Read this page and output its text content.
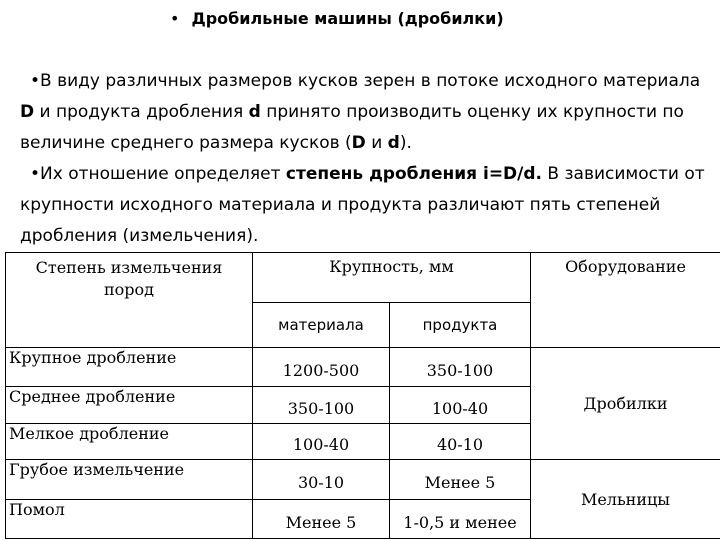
• Дробильные машины (дробилки)
•В виду различных размеров кусков зерен в потоке исходного материала D и продукта дробления d принято производить оценку их крупности по величине среднего размера кусков (D и d).
•Их отношение определяет степень дробления i=D/d. В зависимости от крупности исходного материала и продукта различают пять степеней дробления (измельчения).
Степень измельчения пород	Крупность, мм		Оборудование
	материала	продукта	
Крупное дробление	1200-500	350-100	Дробилки
Среднее дробление	350-100	100-40	

Мелкое дробление	100-40	40-10	

Грубое измельчение	30-10	Менее 5	Мельницы
Помол	Менее 5	1-0,5 и менее	
